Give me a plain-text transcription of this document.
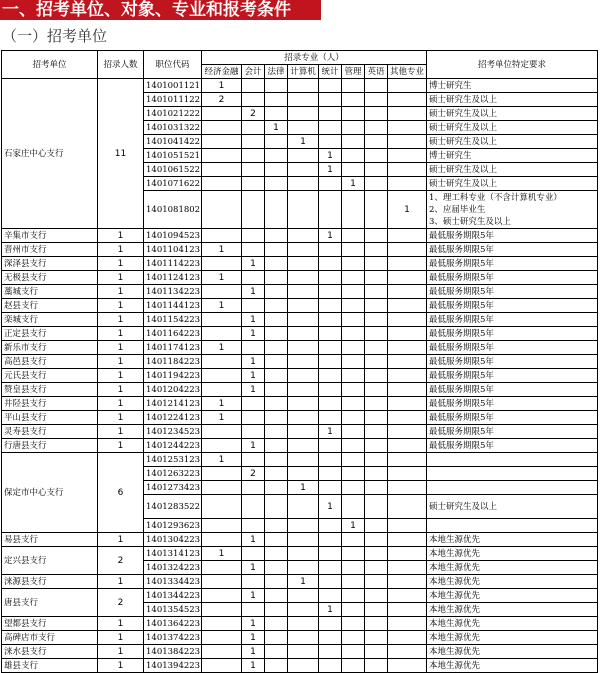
一、招考单位、对象、专业和报考条件
（一）招考单位
招考单位	招录人数	职位代码	招录专业（人）								招考单位特定要求
			经济金融	会计	法律	计算机	统计	管理	英语	其他专业	
石家庄中心支行	11	1401001121	1								博士研究生
		1401011122	2								硕士研究生及以上
		1401021222		2							硕士研究生及以上
		1401031322			1						硕士研究生及以上
		1401041422				1					硕士研究生及以上
		1401051521					1				博士研究生
		1401061522					1				硕士研究生及以上
		1401071622						1			硕士研究生及以上
		1401081802								1	1、理工科专业（不含计算机专业）
2、应届毕业生
3、硕士研究生及以上
辛集市支行	1	1401094523					1				最低服务期限5年
晋州市支行	1	1401104123	1								最低服务期限5年
深泽县支行	1	1401114223		1							最低服务期限5年
无极县支行	1	1401124123	1								最低服务期限5年
藁城支行	1	1401134223		1							最低服务期限5年
赵县支行	1	1401144123	1								最低服务期限5年
栾城支行	1	1401154223		1							最低服务期限5年
正定县支行	1	1401164223		1							最低服务期限5年
新乐市支行	1	1401174123	1								最低服务期限5年
高邑县支行	1	1401184223		1							最低服务期限5年
元氏县支行	1	1401194223		1							最低服务期限5年
赞皇县支行	1	1401204223		1							最低服务期限5年
井陉县支行	1	1401214123	1								最低服务期限5年
平山县支行	1	1401224123	1								最低服务期限5年
灵寿县支行	1	1401234523					1				最低服务期限5年
行唐县支行	1	1401244223		1							最低服务期限5年
保定市中心支行	6	1401253123	1								
		1401263223		2							
		1401273423				1					
		1401283522					1				硕士研究生及以上
		1401293623						1			
易县支行	1	1401304223		1							本地生源优先
定兴县支行	2	1401314123	1								本地生源优先
		1401324223		1							本地生源优先
涞源县支行	1	1401334423				1					本地生源优先
唐县支行	2	1401344223		1							本地生源优先
		1401354523					1				本地生源优先
望都县支行	1	1401364223		1							本地生源优先
高碑店市支行	1	1401374223		1							本地生源优先
涞水县支行	1	1401384223		1							本地生源优先
雄县支行	1	1401394223		1							本地生源优先
